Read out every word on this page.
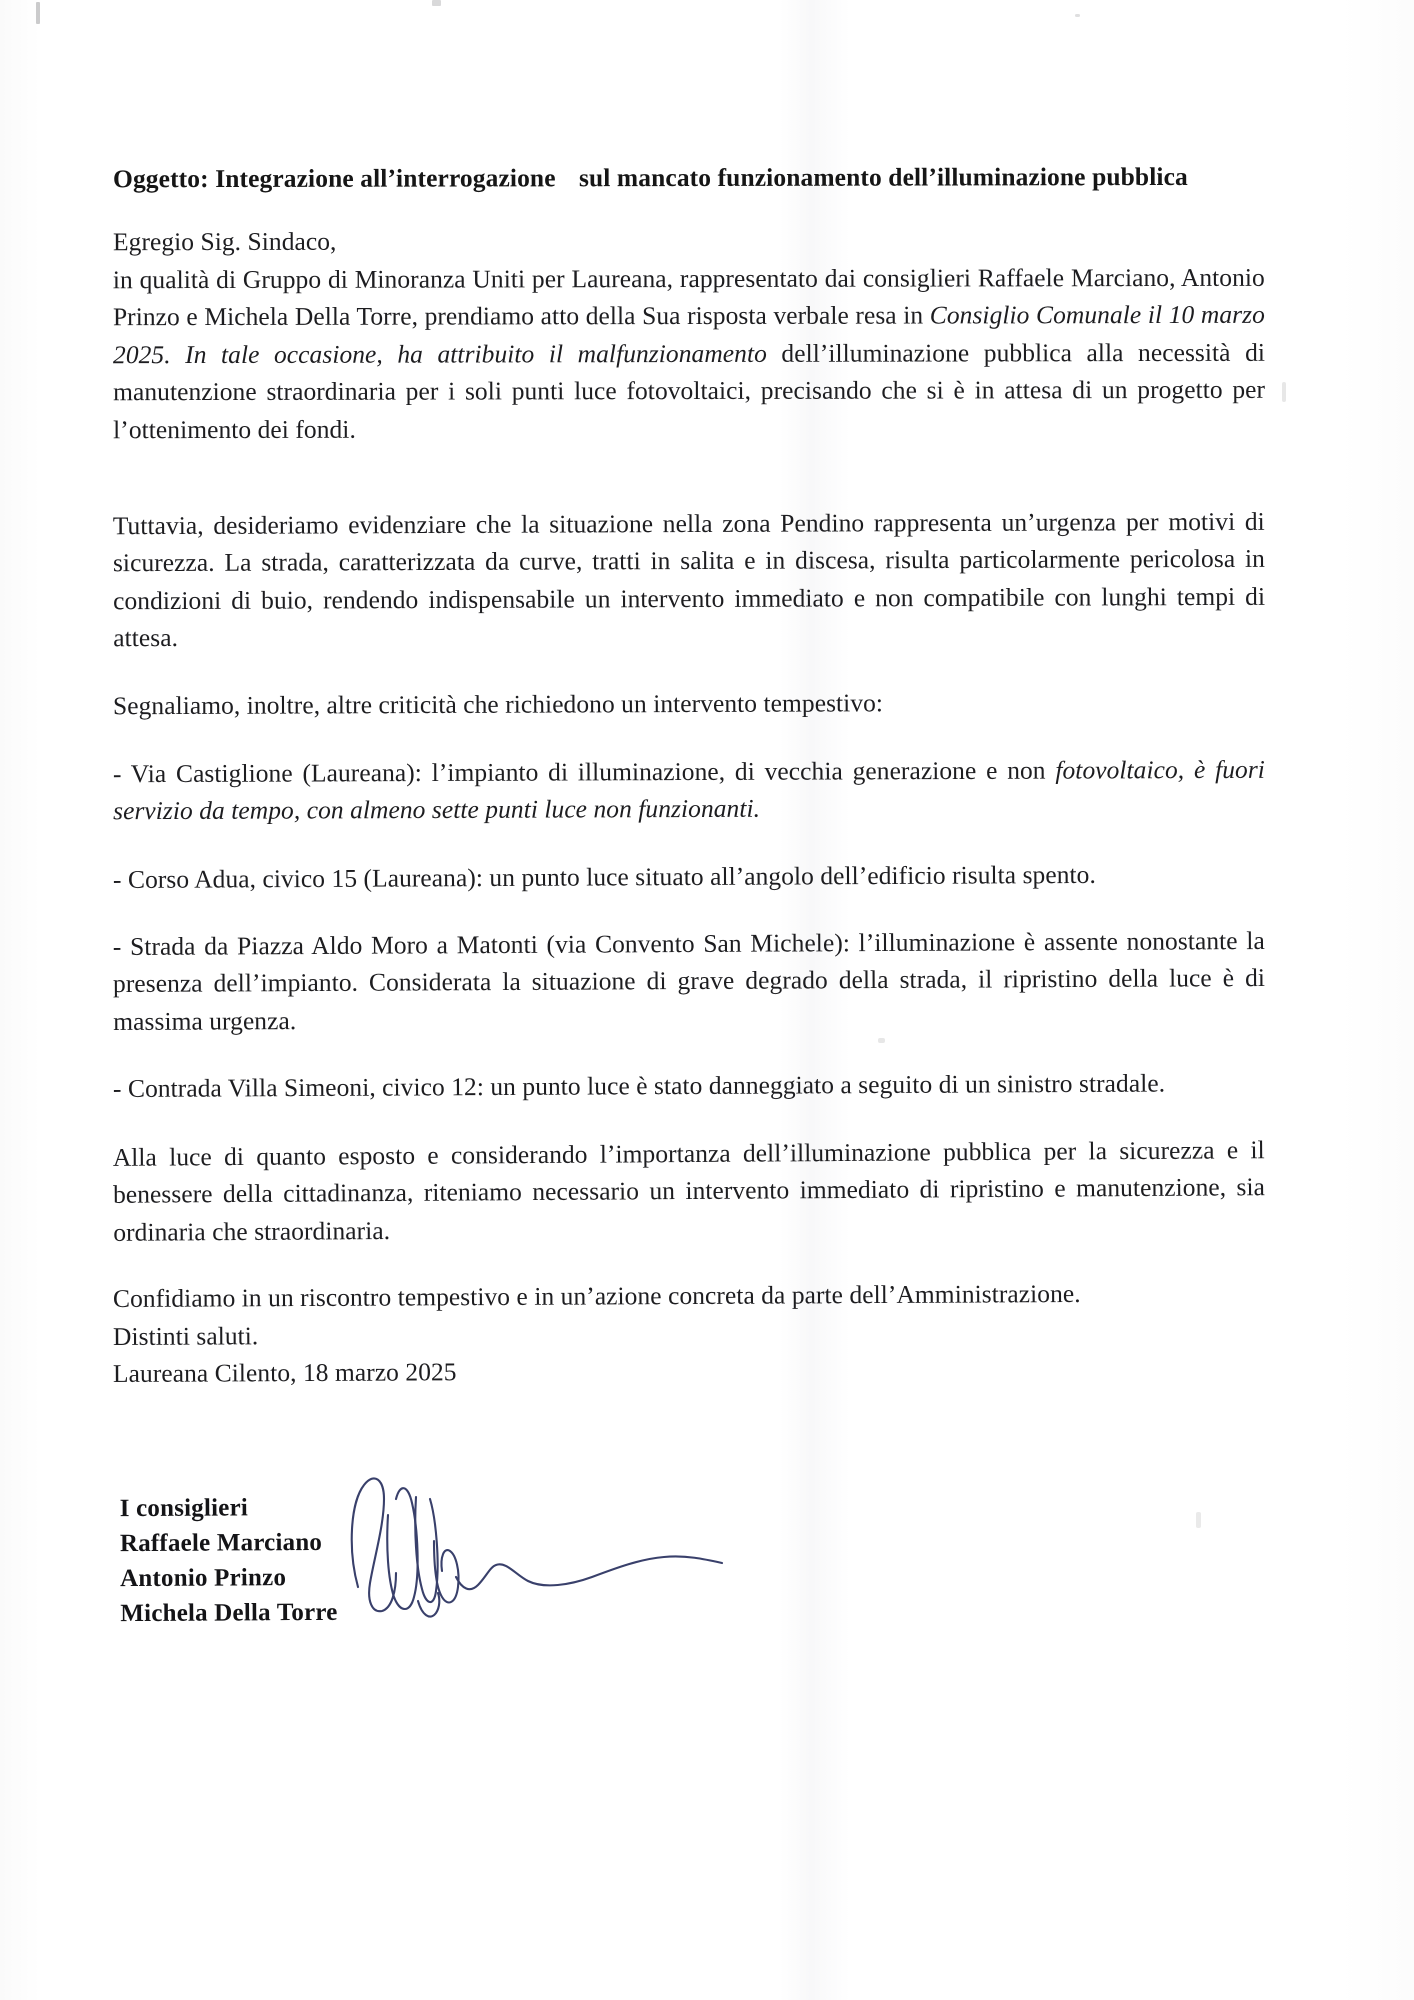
Oggetto: Integrazione all’interrogazione sul mancato funzionamento dell’illuminazione pubblica

Egregio Sig. Sindaco,

in qualità di Gruppo di Minoranza Uniti per Laureana, rappresentato dai consiglieri Raffaele Marciano, Antonio Prinzo e Michela Della Torre, prendiamo atto della Sua risposta verbale resa in Consiglio Comunale il 10 marzo 2025. In tale occasione, ha attribuito il malfunzionamento dell’illuminazione pubblica alla necessità di manutenzione straordinaria per i soli punti luce fotovoltaici, precisando che si è in attesa di un progetto per l’ottenimento dei fondi.

Tuttavia, desideriamo evidenziare che la situazione nella zona Pendino rappresenta un’urgenza per motivi di sicurezza. La strada, caratterizzata da curve, tratti in salita e in discesa, risulta particolarmente pericolosa in condizioni di buio, rendendo indispensabile un intervento immediato e non compatibile con lunghi tempi di attesa.

Segnaliamo, inoltre, altre criticità che richiedono un intervento tempestivo:

- Via Castiglione (Laureana): l’impianto di illuminazione, di vecchia generazione e non fotovoltaico, è fuori servizio da tempo, con almeno sette punti luce non funzionanti.

- Corso Adua, civico 15 (Laureana): un punto luce situato all’angolo dell’edificio risulta spento.

- Strada da Piazza Aldo Moro a Matonti (via Convento San Michele): l’illuminazione è assente nonostante la presenza dell’impianto. Considerata la situazione di grave degrado della strada, il ripristino della luce è di massima urgenza.

- Contrada Villa Simeoni, civico 12: un punto luce è stato danneggiato a seguito di un sinistro stradale.

Alla luce di quanto esposto e considerando l’importanza dell’illuminazione pubblica per la sicurezza e il benessere della cittadinanza, riteniamo necessario un intervento immediato di ripristino e manutenzione, sia ordinaria che straordinaria.

Confidiamo in un riscontro tempestivo e in un’azione concreta da parte dell’Amministrazione.

Distinti saluti.

Laureana Cilento, 18 marzo 2025

I consiglieri
Raffaele Marciano
Antonio Prinzo
Michela Della Torre
